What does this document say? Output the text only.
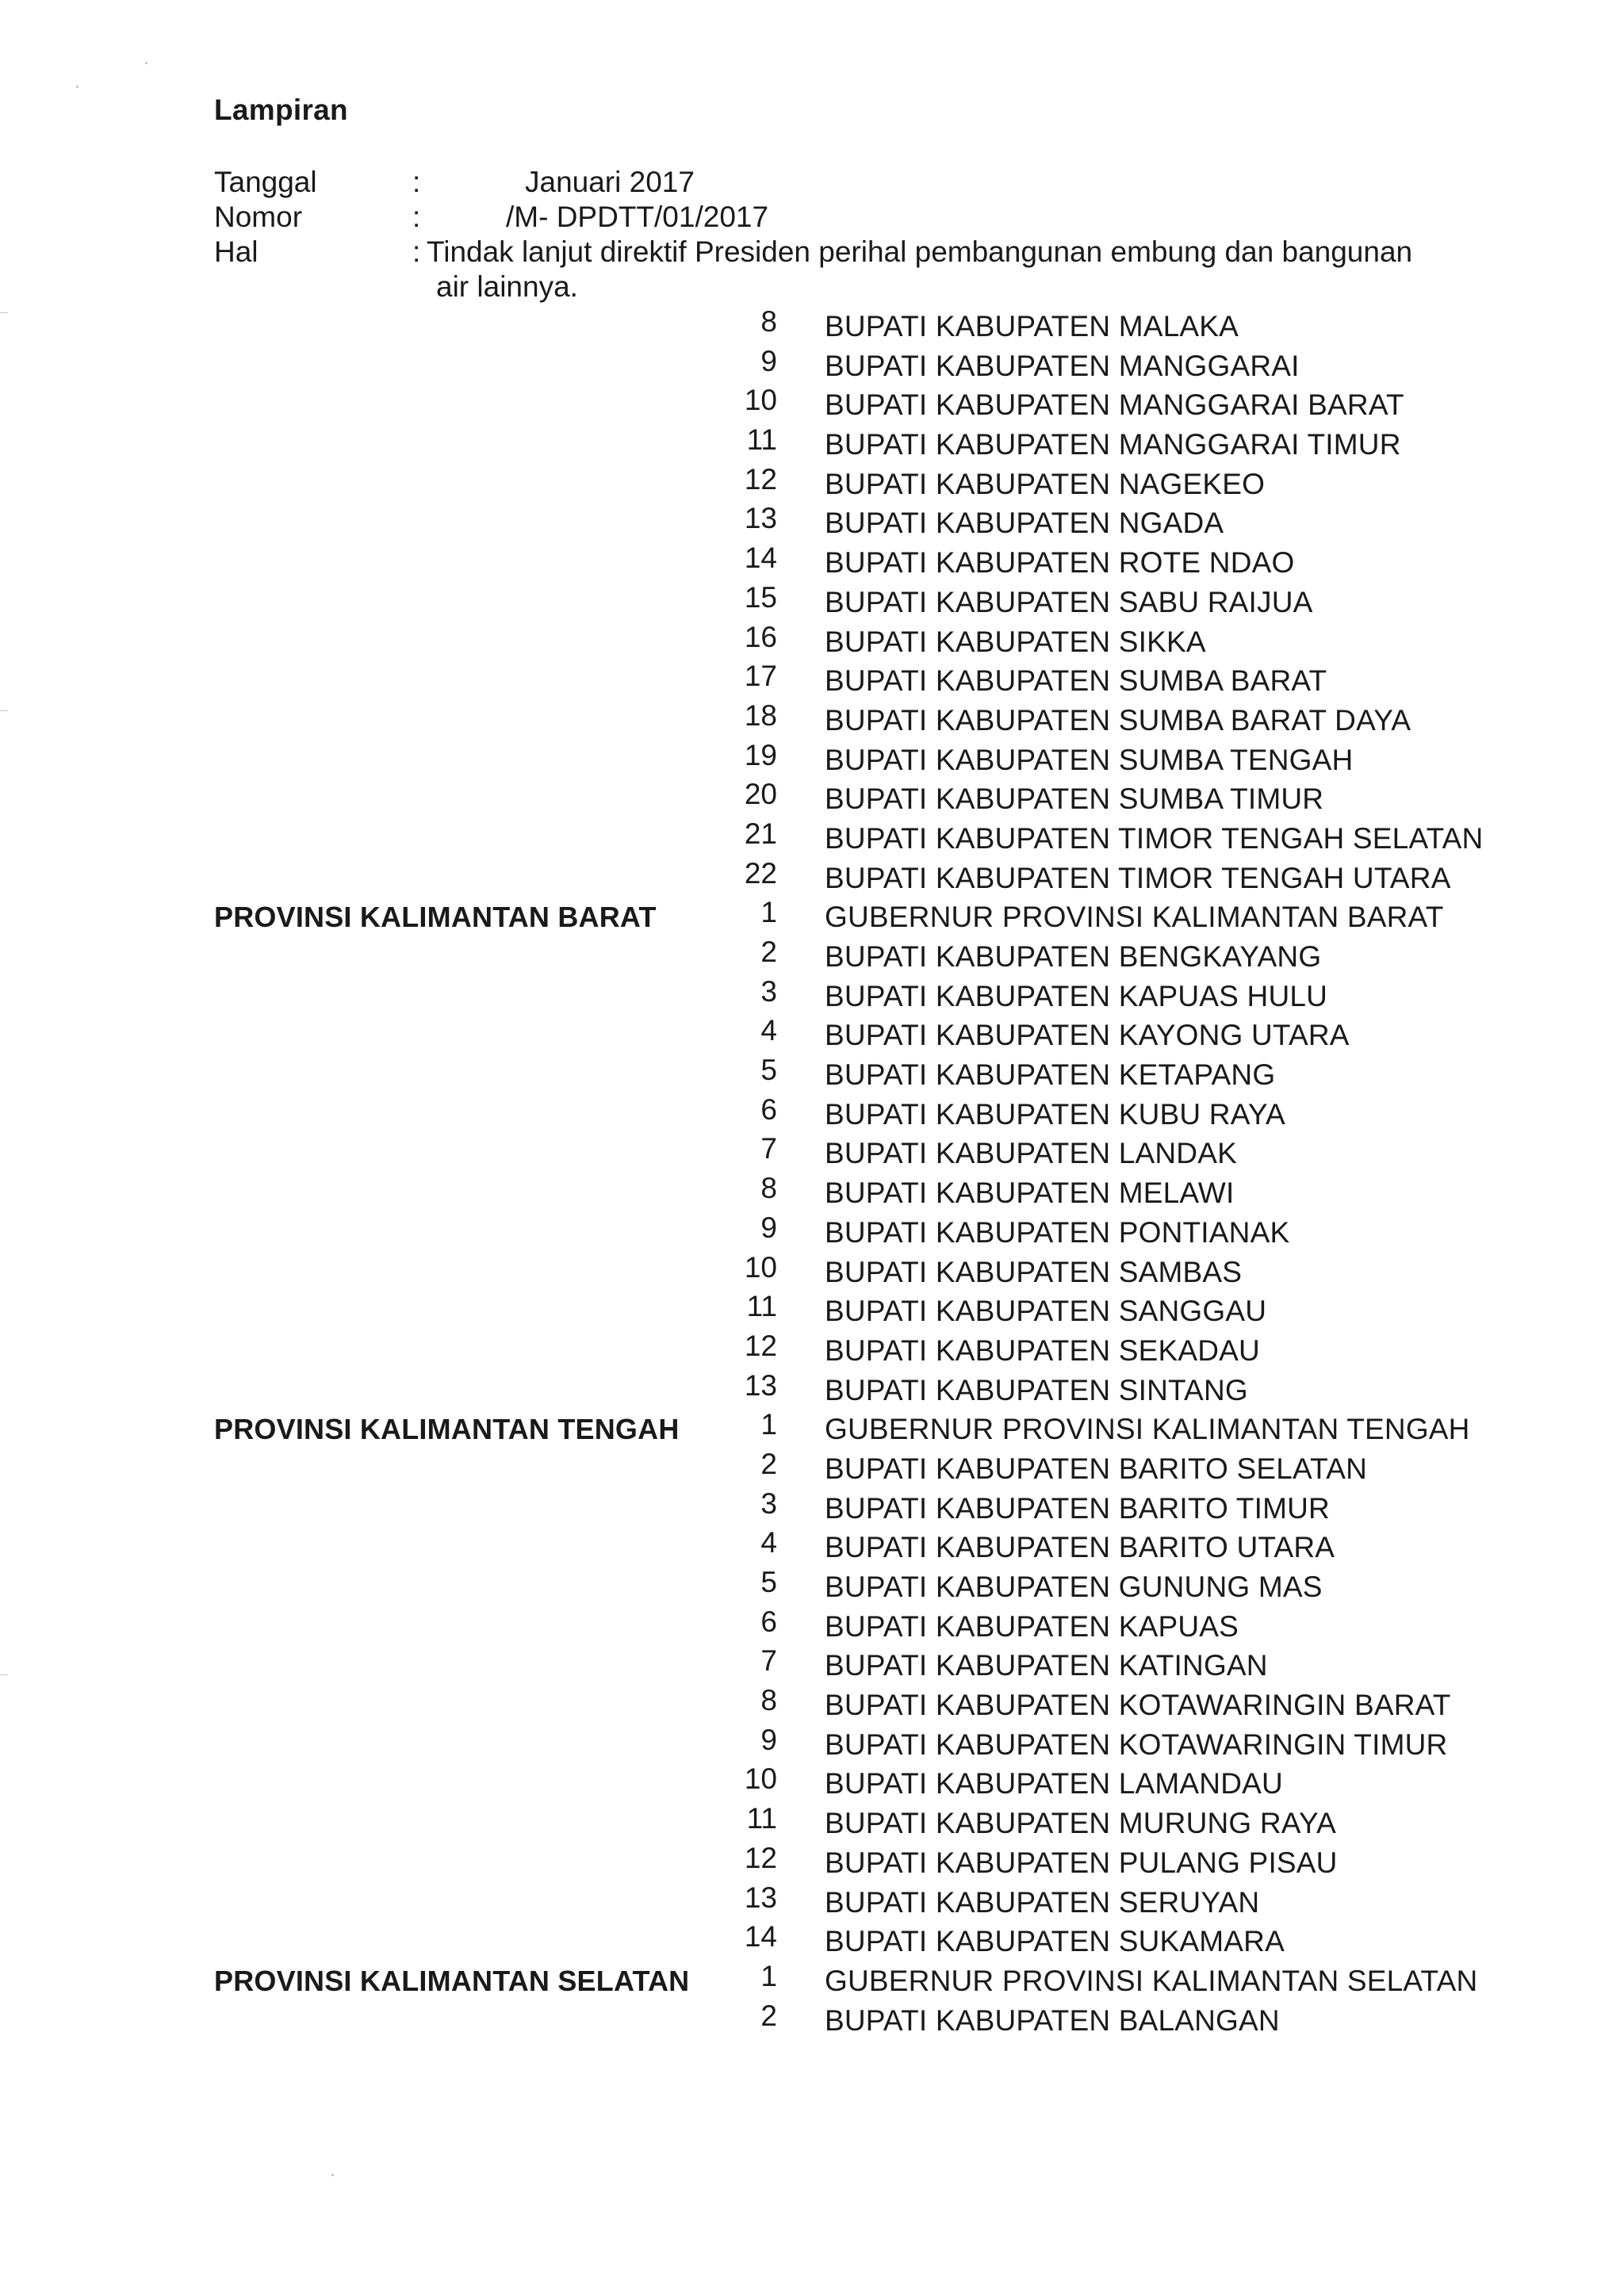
Lampiran
Tanggal	:	Januari 2017
Nomor	:	/M- DPDTT/01/2017
Hal	: Tindak lanjut direktif Presiden perihal pembangunan embung dan bangunan
air lainnya.
8 BUPATI KABUPATEN MALAKA
9 BUPATI KABUPATEN MANGGARAI
10 BUPATI KABUPATEN MANGGARAI BARAT
11 BUPATI KABUPATEN MANGGARAI TIMUR
12 BUPATI KABUPATEN NAGEKEO
13 BUPATI KABUPATEN NGADA
14 BUPATI KABUPATEN ROTE NDAO
15 BUPATI KABUPATEN SABU RAIJUA
16 BUPATI KABUPATEN SIKKA
17 BUPATI KABUPATEN SUMBA BARAT
18 BUPATI KABUPATEN SUMBA BARAT DAYA
19 BUPATI KABUPATEN SUMBA TENGAH
20 BUPATI KABUPATEN SUMBA TIMUR
21 BUPATI KABUPATEN TIMOR TENGAH SELATAN
22 BUPATI KABUPATEN TIMOR TENGAH UTARA
PROVINSI KALIMANTAN BARAT	1 GUBERNUR PROVINSI KALIMANTAN BARAT
2 BUPATI KABUPATEN BENGKAYANG
3 BUPATI KABUPATEN KAPUAS HULU
4 BUPATI KABUPATEN KAYONG UTARA
5 BUPATI KABUPATEN KETAPANG
6 BUPATI KABUPATEN KUBU RAYA
7 BUPATI KABUPATEN LANDAK
8 BUPATI KABUPATEN MELAWI
9 BUPATI KABUPATEN PONTIANAK
10 BUPATI KABUPATEN SAMBAS
11 BUPATI KABUPATEN SANGGAU
12 BUPATI KABUPATEN SEKADAU
13 BUPATI KABUPATEN SINTANG
PROVINSI KALIMANTAN TENGAH	1 GUBERNUR PROVINSI KALIMANTAN TENGAH
2 BUPATI KABUPATEN BARITO SELATAN
3 BUPATI KABUPATEN BARITO TIMUR
4 BUPATI KABUPATEN BARITO UTARA
5 BUPATI KABUPATEN GUNUNG MAS
6 BUPATI KABUPATEN KAPUAS
7 BUPATI KABUPATEN KATINGAN
8 BUPATI KABUPATEN KOTAWARINGIN BARAT
9 BUPATI KABUPATEN KOTAWARINGIN TIMUR
10 BUPATI KABUPATEN LAMANDAU
11 BUPATI KABUPATEN MURUNG RAYA
12 BUPATI KABUPATEN PULANG PISAU
13 BUPATI KABUPATEN SERUYAN
14 BUPATI KABUPATEN SUKAMARA
PROVINSI KALIMANTAN SELATAN	1 GUBERNUR PROVINSI KALIMANTAN SELATAN
2 BUPATI KABUPATEN BALANGAN
